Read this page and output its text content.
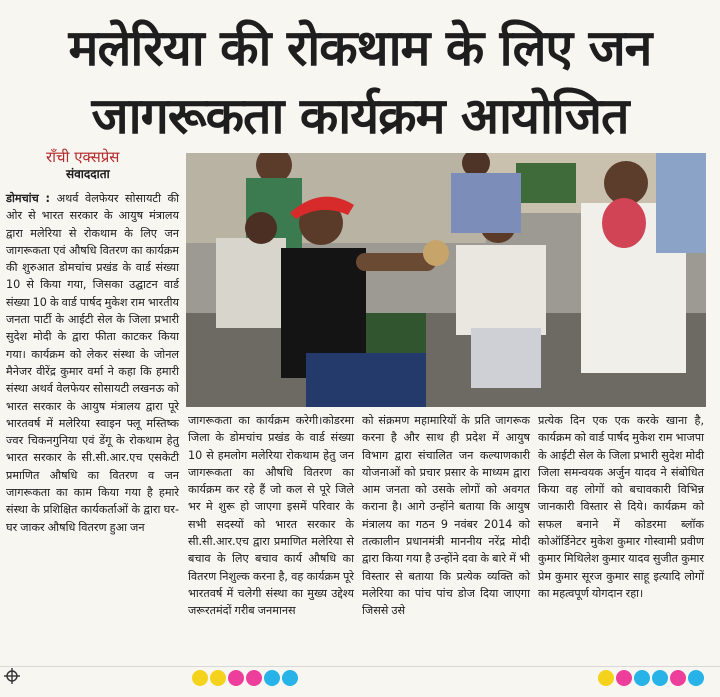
मलेरिया की रोकथाम के लिए जन
जागरूकता कार्यक्रम आयोजित
राँची एक्सप्रेस
संवाददाता
डोमचांच : अथर्व वेलफेयर सोसायटी की ओर से भारत सरकार के आयुष मंत्रालय द्वारा मलेरिया से रोकथाम के लिए जन जागरूकता एवं औषधि वितरण का कार्यक्रम की शुरुआत डोमचांच प्रखंड के वार्ड संख्या 10 से किया गया, जिसका उद्घाटन वार्ड संख्या 10 के वार्ड पार्षद मुकेश राम भारतीय जनता पार्टी के आईटी सेल के जिला प्रभारी सुदेश मोदी के द्वारा फीता काटकर किया गया। कार्यक्रम को लेकर संस्था के जोनल मैनेजर वीरेंद्र कुमार वर्मा ने कहा कि हमारी संस्था अथर्व वेलफेयर सोसायटी लखनऊ को भारत सरकार के आयुष मंत्रालय द्वारा पूरे भारतवर्ष में मलेरिया स्वाइन फ्लू मस्तिष्क ज्वर चिकनगुनिया एवं डेंगू के रोकथाम हेतु भारत सरकार के सी.सी.आर.एच एसकेटी प्रमाणित औषधि का वितरण व जन जागरूकता का काम किया गया है हमारे संस्था के प्रशिक्षित कार्यकर्ताओं के द्वारा घर-घर जाकर औषधि वितरण हुआ जन
जागरूकता का कार्यक्रम करेगी।कोडरमा जिला के डोमचांच प्रखंड के वार्ड संख्या 10 से हमलोग मलेरिया रोकथाम हेतु जन जागरूकता का औषधि वितरण का कार्यक्रम कर रहे हैं जो कल से पूरे जिले भर मे शुरू हो जाएगा इसमें परिवार के सभी सदस्यों को भारत सरकार के सी.सी.आर.एच द्वारा प्रमाणित मलेरिया से बचाव के लिए बचाव कार्य औषधि का वितरण निशुल्क करना है, वह कार्यक्रम पूरे भारतवर्ष में चलेगी संस्था का मुख्य उद्देश्य जरूरतमंदों गरीब जनमानस
को संक्रमण महामारियों के प्रति जागरूक करना है और साथ ही प्रदेश में आयुष विभाग द्वारा संचालित जन कल्याणकारी योजनाओं को प्रचार प्रसार के माध्यम द्वारा आम जनता को उसके लोगों को अवगत कराना है। आगे उन्होंने बताया कि आयुष मंत्रालय का गठन 9 नवंबर 2014 को तत्कालीन प्रधानमंत्री माननीय नरेंद्र मोदी द्वारा किया गया है उन्होंने दवा के बारे में भी विस्तार से बताया कि प्रत्येक व्यक्ति को मलेरिया का पांच पांच डोज दिया जाएगा जिससे उसे
प्रत्येक दिन एक एक करके खाना है, कार्यक्रम को वार्ड पार्षद मुकेश राम भाजपा के आईटी सेल के जिला प्रभारी सुदेश मोदी जिला समन्वयक अर्जुन यादव ने संबोधित किया वह लोगों को बचावकारी विभिन्न जानकारी विस्तार से दिये। कार्यक्रम को सफल बनाने में कोडरमा ब्लॉक कोऑर्डिनेटर मुकेश कुमार गोस्वामी प्रवीण कुमार मिथिलेश कुमार यादव सुजीत कुमार प्रेम कुमार सूरज कुमार साहू इत्यादि लोगों का महत्वपूर्ण योगदान रहा।
